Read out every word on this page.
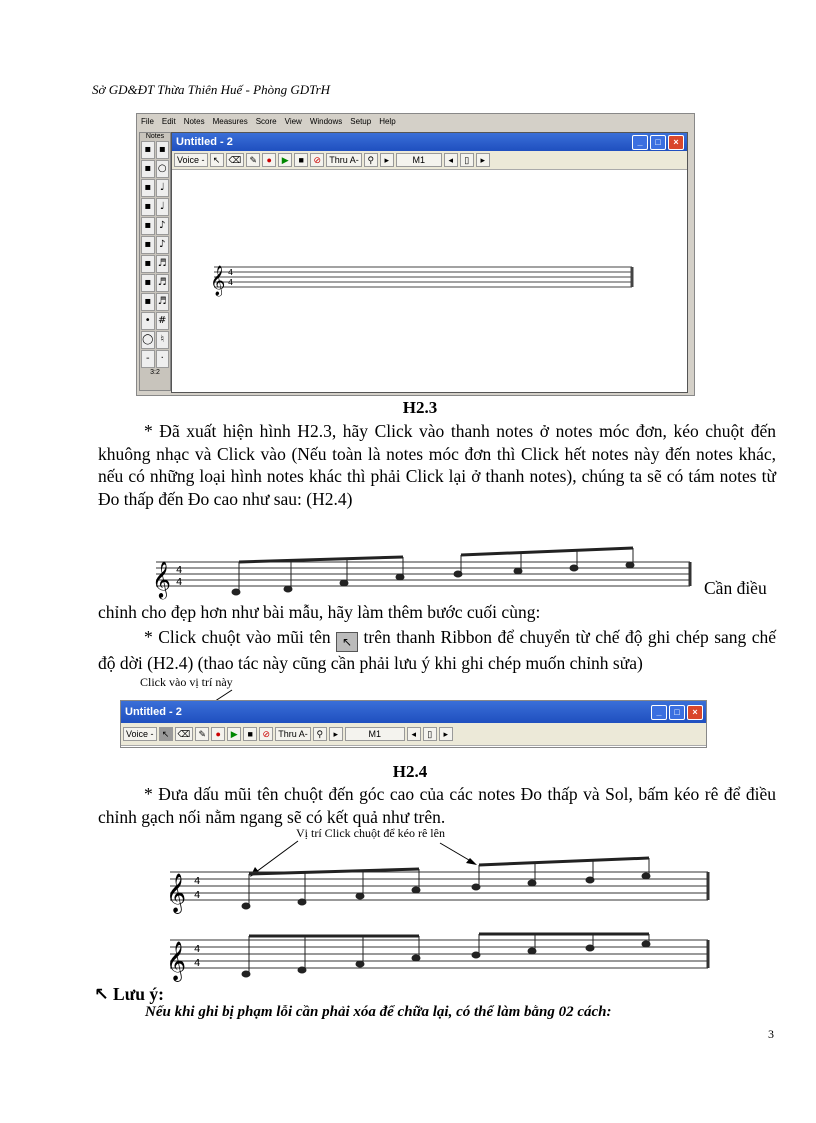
Sở GD&ĐT Thừa Thiên Huế - Phòng GDTrH
File Edit Notes Measures Score View Windows Setup Help
Notes
▪ ▪
▪ ○
▪ ♩
▪ ♩
▪ ♪
▪ ♪
▪ ♬
▪ ♬
▪ ♬
• #
◯ ♮
-	·
3:2
Untitled - 2	_	□	×
Voice - ↖ ⌫ ✎	●	▶	■	⊘ Thru A- ⚲	▸	M1	◂	▯	▸
𝄞 4
4
H2.3
* Đã xuất hiện hình H2.3, hãy Click vào thanh notes ở notes móc đơn, kéo chuột đến khuông nhạc và Click vào (Nếu toàn là notes móc đơn thì Click hết notes này đến notes khác, nếu có những loại hình notes khác thì phải Click lại ở thanh notes), chúng ta sẽ có tám notes từ Đo thấp đến Đo cao như sau: (H2.4)
𝄞 4
4	Cần điều
chỉnh cho đẹp hơn như bài mẫu, hãy làm thêm bước cuối cùng:
* Click chuột vào mũi tên ↖ trên thanh Ribbon để chuyển từ chế độ ghi chép sang chế độ dời (H2.4) (thao tác này cũng cần phải lưu ý khi ghi chép muốn chỉnh sửa)
Click vào vị trí này
Untitled - 2	_	□	×
Voice - ↖ ⌫ ✎	●	▶	■	⊘ Thru A- ⚲	▸	M1	◂	▯	▸
H2.4
* Đưa dấu mũi tên chuột đến góc cao của các notes Đo thấp và Sol, bấm kéo rê để điều chỉnh gạch nối nằm ngang sẽ có kết quả như trên.
Vị trí Click chuột để kéo rê lên
𝄞 4
4
𝄞 4
4
↖ Lưu ý:
Nếu khi ghi bị phạm lỗi cần phải xóa để chữa lại, có thể làm bằng 02 cách:
3
